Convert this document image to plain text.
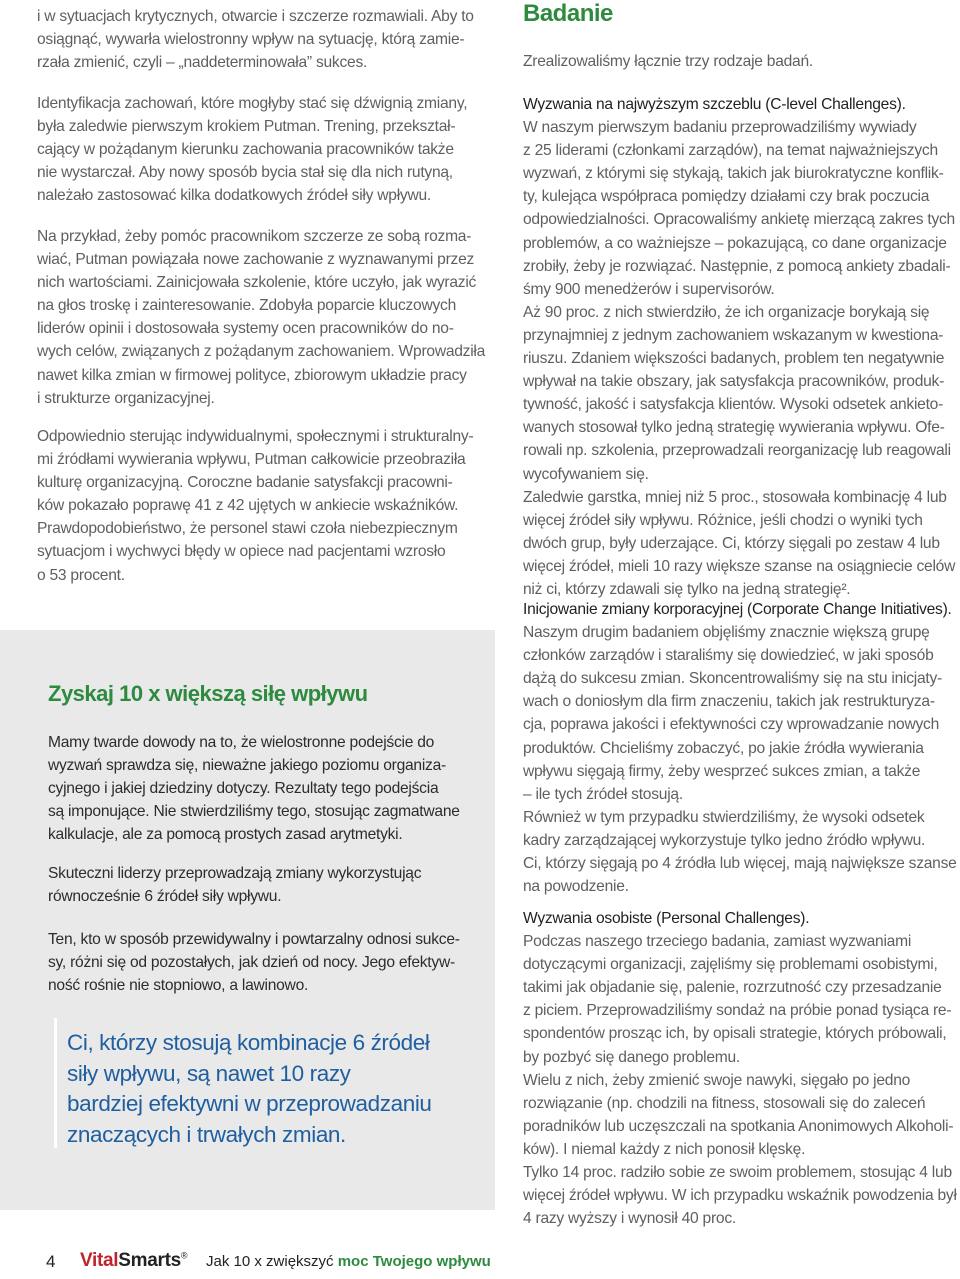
i w sytuacjach krytycznych, otwarcie i szczerze rozmawiali. Aby to
osiągnąć, wywarła wielostronny wpływ na sytuację, którą zamie-
rzała zmienić, czyli – „naddeterminowała” sukces.
Identyfikacja zachowań, które mogłyby stać się dźwignią zmiany,
była zaledwie pierwszym krokiem Putman. Trening, przekształ-
cający w pożądanym kierunku zachowania pracowników także
nie wystarczał. Aby nowy sposób bycia stał się dla nich rutyną,
należało zastosować kilka dodatkowych źródeł siły wpływu.
Na przykład, żeby pomóc pracownikom szczerze ze sobą rozma-
wiać, Putman powiązała nowe zachowanie z wyznawanymi przez
nich wartościami. Zainicjowała szkolenie, które uczyło, jak wyrazić
na głos troskę i zainteresowanie. Zdobyła poparcie kluczowych
liderów opinii i dostosowała systemy ocen pracowników do no-
wych celów, związanych z pożądanym zachowaniem. Wprowadziła
nawet kilka zmian w firmowej polityce, zbiorowym układzie pracy
i strukturze organizacyjnej.
Odpowiednio sterując indywidualnymi, społecznymi i strukturalny-
mi źródłami wywierania wpływu, Putman całkowicie przeobraziła
kulturę organizacyjną. Coroczne badanie satysfakcji pracowni-
ków pokazało poprawę 41 z 42 ujętych w ankiecie wskaźników.
Prawdopodobieństwo, że personel stawi czoła niebezpiecznym
sytuacjom i wychwyci błędy w opiece nad pacjentami wzrosło
o 53 procent.
Zyskaj 10 x większą siłę wpływu
Mamy twarde dowody na to, że wielostronne podejście do
wyzwań sprawdza się, nieważne jakiego poziomu organiza-
cyjnego i jakiej dziedziny dotyczy. Rezultaty tego podejścia
są imponujące. Nie stwierdziliśmy tego, stosując zagmatwane
kalkulacje, ale za pomocą prostych zasad arytmetyki.
Skuteczni liderzy przeprowadzają zmiany wykorzystując
równocześnie 6 źródeł siły wpływu.
Ten, kto w sposób przewidywalny i powtarzalny odnosi sukce-
sy, różni się od pozostałych, jak dzień od nocy. Jego efektyw-
ność rośnie nie stopniowo, a lawinowo.
Ci, którzy stosują kombinacje 6 źródeł
siły wpływu, są nawet 10 razy
bardziej efektywni w przeprowadzaniu
znaczących i trwałych zmian.
Badanie
Zrealizowaliśmy łącznie trzy rodzaje badań.
Wyzwania na najwyższym szczeblu (C-level Challenges).
W naszym pierwszym badaniu przeprowadziliśmy wywiady
z 25 liderami (członkami zarządów), na temat najważniejszych
wyzwań, z którymi się stykają, takich jak biurokratyczne konflik-
ty, kulejąca współpraca pomiędzy działami czy brak poczucia
odpowiedzialności. Opracowaliśmy ankietę mierzącą zakres tych
problemów, a co ważniejsze – pokazującą, co dane organizacje
zrobiły, żeby je rozwiązać. Następnie, z pomocą ankiety zbadali-
śmy 900 menedżerów i supervisorów.
Aż 90 proc. z nich stwierdziło, że ich organizacje borykają się
przynajmniej z jednym zachowaniem wskazanym w kwestiona-
riuszu. Zdaniem większości badanych, problem ten negatywnie
wpływał na takie obszary, jak satysfakcja pracowników, produk-
tywność, jakość i satysfakcja klientów. Wysoki odsetek ankieto-
wanych stosował tylko jedną strategię wywierania wpływu. Ofe-
rowali np. szkolenia, przeprowadzali reorganizację lub reagowali
wycofywaniem się.
Zaledwie garstka, mniej niż 5 proc., stosowała kombinację 4 lub
więcej źródeł siły wpływu. Różnice, jeśli chodzi o wyniki tych
dwóch grup, były uderzające. Ci, którzy sięgali po zestaw 4 lub
więcej źródeł, mieli 10 razy większe szanse na osiągniecie celów
niż ci, którzy zdawali się tylko na jedną strategię².
Inicjowanie zmiany korporacyjnej (Corporate Change Initiatives).
Naszym drugim badaniem objęliśmy znacznie większą grupę
członków zarządów i staraliśmy się dowiedzieć, w jaki sposób
dążą do sukcesu zmian. Skoncentrowaliśmy się na stu inicjaty-
wach o doniosłym dla firm znaczeniu, takich jak restrukturyza-
cja, poprawa jakości i efektywności czy wprowadzanie nowych
produktów. Chcieliśmy zobaczyć, po jakie źródła wywierania
wpływu sięgają firmy, żeby wesprzeć sukces zmian, a także
– ile tych źródeł stosują.
Również w tym przypadku stwierdziliśmy, że wysoki odsetek
kadry zarządzającej wykorzystuje tylko jedno źródło wpływu.
Ci, którzy sięgają po 4 źródła lub więcej, mają największe szanse
na powodzenie.
Wyzwania osobiste (Personal Challenges).
Podczas naszego trzeciego badania, zamiast wyzwaniami
dotyczącymi organizacji, zajęliśmy się problemami osobistymi,
takimi jak objadanie się, palenie, rozrzutność czy przesadzanie
z piciem. Przeprowadziliśmy sondaż na próbie ponad tysiąca re-
spondentów prosząc ich, by opisali strategie, których próbowali,
by pozbyć się danego problemu.
Wielu z nich, żeby zmienić swoje nawyki, sięgało po jedno
rozwiązanie (np. chodzili na fitness, stosowali się do zaleceń
poradników lub uczęszczali na spotkania Anonimowych Alkoholi-
ków). I niemal każdy z nich ponosił klęskę.
Tylko 14 proc. radziło sobie ze swoim problemem, stosując 4 lub
więcej źródeł wpływu. W ich przypadku wskaźnik powodzenia był
4 razy wyższy i wynosił 40 proc.
4 VitalSmarts® Jak 10 x zwiększyć moc Twojego wpływu
